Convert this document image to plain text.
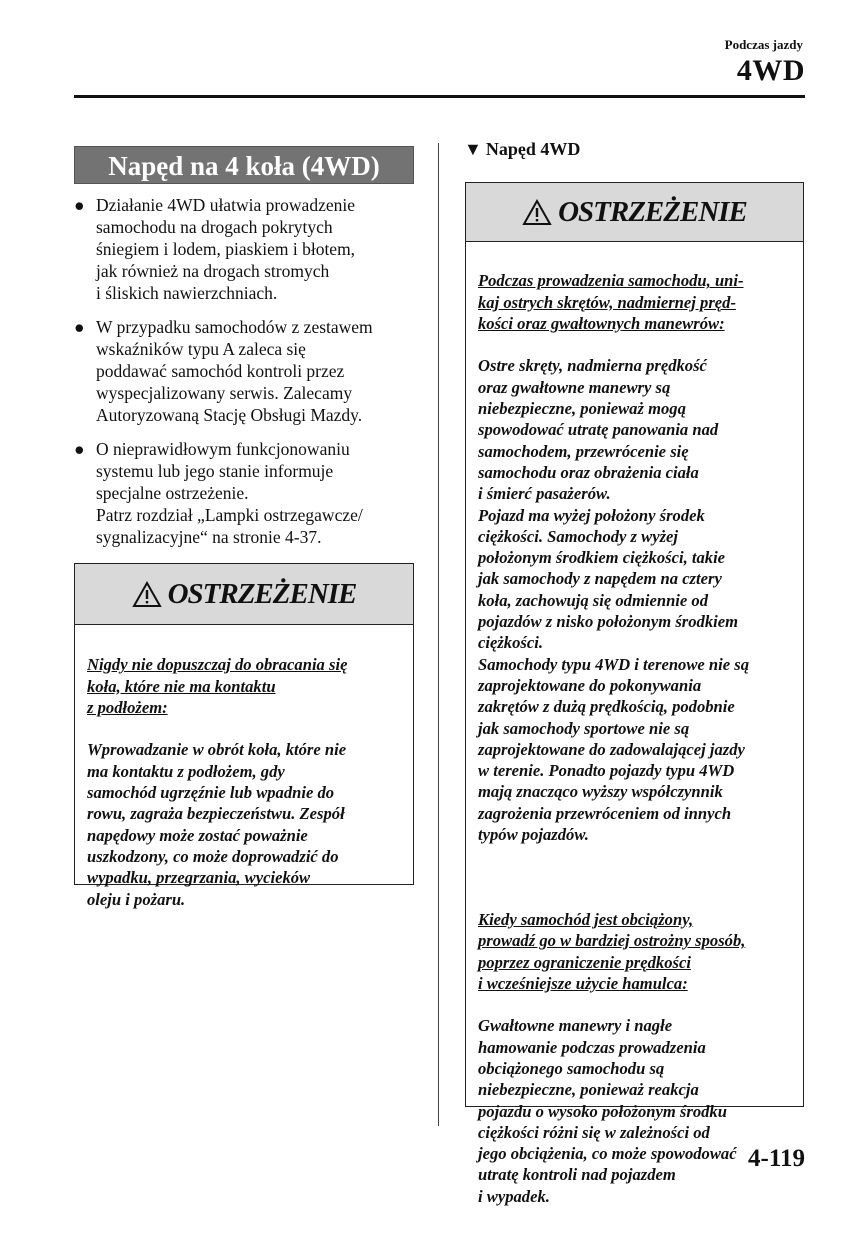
Podczas jazdy
4WD
Napęd na 4 koła (4WD)
● Działanie 4WD ułatwia prowadzenie
samochodu na drogach pokrytych
śniegiem i lodem, piaskiem i błotem,
jak również na drogach stromych
i śliskich nawierzchniach.
● W przypadku samochodów z zestawem
wskaźników typu A zaleca się
poddawać samochód kontroli przez
wyspecjalizowany serwis. Zalecamy
Autoryzowaną Stację Obsługi Mazdy.
● O nieprawidłowym funkcjonowaniu
systemu lub jego stanie informuje
specjalne ostrzeżenie.
Patrz rozdział „Lampki ostrzegawcze/
sygnalizacyjne“ na stronie 4-37.
OSTRZEŻENIE

Nigdy nie dopuszczaj do obracania się
koła, które nie ma kontaktu
z podłożem:

Wprowadzanie w obrót koła, które nie
ma kontaktu z podłożem, gdy
samochód ugrzęźnie lub wpadnie do
rowu, zagraża bezpieczeństwu. Zespół
napędowy może zostać poważnie
uszkodzony, co może doprowadzić do
wypadku, przegrzania, wycieków
oleju i pożaru.

▼ Napęd 4WD
OSTRZEŻENIE

Podczas prowadzenia samochodu, uni-
kaj ostrych skrętów, nadmiernej pręd-
kości oraz gwałtownych manewrów:

Ostre skręty, nadmierna prędkość
oraz gwałtowne manewry są
niebezpieczne, ponieważ mogą
spowodować utratę panowania nad
samochodem, przewrócenie się
samochodu oraz obrażenia ciała
i śmierć pasażerów.
Pojazd ma wyżej położony środek
ciężkości. Samochody z wyżej
położonym środkiem ciężkości, takie
jak samochody z napędem na cztery
koła, zachowują się odmiennie od
pojazdów z nisko położonym środkiem
ciężkości.
Samochody typu 4WD i terenowe nie są
zaprojektowane do pokonywania
zakrętów z dużą prędkością, podobnie
jak samochody sportowe nie są
zaprojektowane do zadowalającej jazdy
w terenie. Ponadto pojazdy typu 4WD
mają znacząco wyższy współczynnik
zagrożenia przewróceniem od innych
typów pojazdów.

Kiedy samochód jest obciążony,
prowadź go w bardziej ostrożny sposób,
poprzez ograniczenie prędkości
i wcześniejsze użycie hamulca:

Gwałtowne manewry i nagłe
hamowanie podczas prowadzenia
obciążonego samochodu są
niebezpieczne, ponieważ reakcja
pojazdu o wysoko położonym środku
ciężkości różni się w zależności od
jego obciążenia, co może spowodować
utratę kontroli nad pojazdem
i wypadek.

4-119
